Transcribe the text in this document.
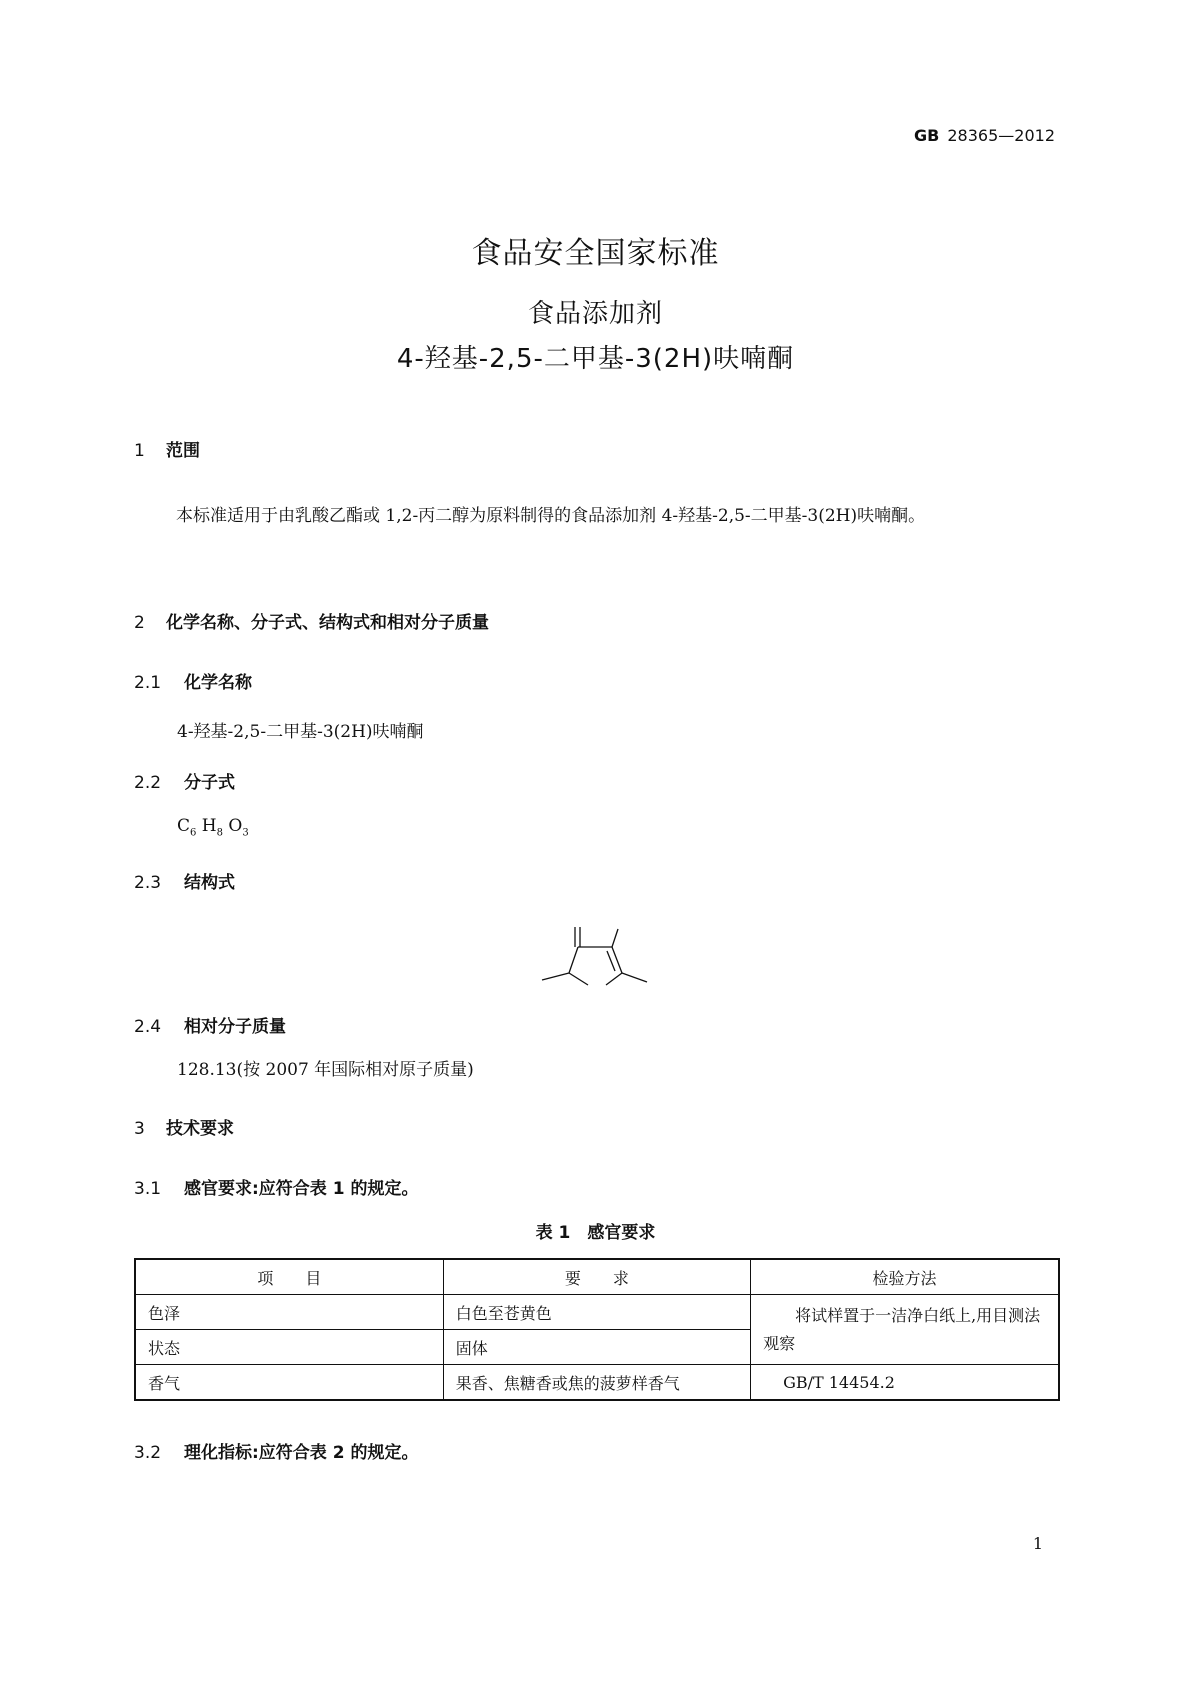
GB 28365—2012
食品安全国家标准
食品添加剂
4-羟基-2,5-二甲基-3(2H)呋喃酮
1 范围
本标准适用于由乳酸乙酯或 1,2-丙二醇为原料制得的食品添加剂 4-羟基-2,5-二甲基-3(2H)呋喃酮。
2 化学名称、分子式、结构式和相对分子质量
2.1 化学名称
4-羟基-2,5-二甲基-3(2H)呋喃酮
2.2 分子式
$C_6$ $H_8$ $O_3$
2.3 结构式
2.4 相对分子质量
128.13(按 2007 年国际相对原子质量)
3 技术要求
3.1 感官要求:应符合表 1 的规定。
表 1　感官要求
项　　目	要　　求	检验方法
色泽	白色至苍黄色	将试样置于一洁净白纸上,用目测法观察
状态	固体	
香气	果香、焦糖香或焦的菠萝样香气	GB/T 14454.2
3.2 理化指标:应符合表 2 的规定。
1
